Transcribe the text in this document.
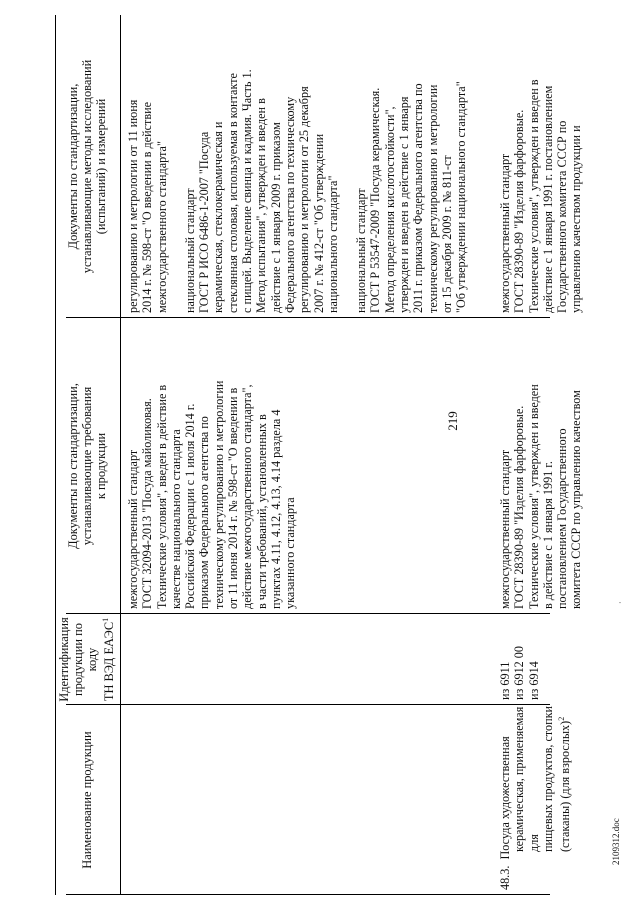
219
Наименование продукции
Идентификация продукции по коду ТН ВЭД ЕАЭС$^1$
Документы по стандартизации, устанавливающие требования к продукции
Документы по стандартизации, устанавливающие методы исследований (испытаний) и измерений

48.3.  Посуда художественная керамическая, применяемая для пищевых продуктов, стопки (стаканы) (для взрослых)$^2$

из 6911 из 6912 00 из 6914

межгосударственный стандарт ГОСТ 32094-2013 "Посуда майоликовая. Технические условия", введен в действие в качестве национального стандарта Российской Федерации с 1 июля 2014 г. приказом Федерального агентства по техническому регулированию и метрологии от 11 июня 2014 г. № 598-ст "О введении в действие межгосударственного стандарта", в части требований, установленных в пунктах 4.11, 4.12, 4.13, 4.14 раздела 4 указанного стандарта	межгосударственный стандарт ГОСТ 28390-89 "Изделия фарфоровые. Технические условия", утвержден и введен в действие с 1 января 1991 г. постановлением Государственного комитета СССР по управлению качеством

регулированию и метрологии от 11 июня 2014 г. № 598-ст "О введении в действие межгосударственного стандарта" национальный стандарт ГОСТ Р ИСО 6486-1-2007 "Посуда керамическая, стеклокерамическая и стеклянная столовая, используемая в контакте с пищей. Выделение свинца и кадмия. Часть 1. Метод испытания", утвержден и введен в действие с 1 января 2009 г. приказом Федерального агентства по техническому регулированию и метрологии от 25 декабря 2007 г. № 412-ст "Об утверждении национального стандарта" национальный стандарт ГОСТ Р 53547-2009 "Посуда керамическая. Метод определения кислотостойкости", утвержден и введен в действие с 1 января 2011 г. приказом Федерального агентства по техническому регулированию и метрологии от 15 декабря 2009 г. № 811-ст "Об утверждении национального стандарта" межгосударственный стандарт ГОСТ 28390-89 "Изделия фарфоровые. Технические условия", утвержден и введен в действие с 1 января 1991 г. постановлением Государственного комитета СССР по управлению качеством продукции и

2109312.doc
·
